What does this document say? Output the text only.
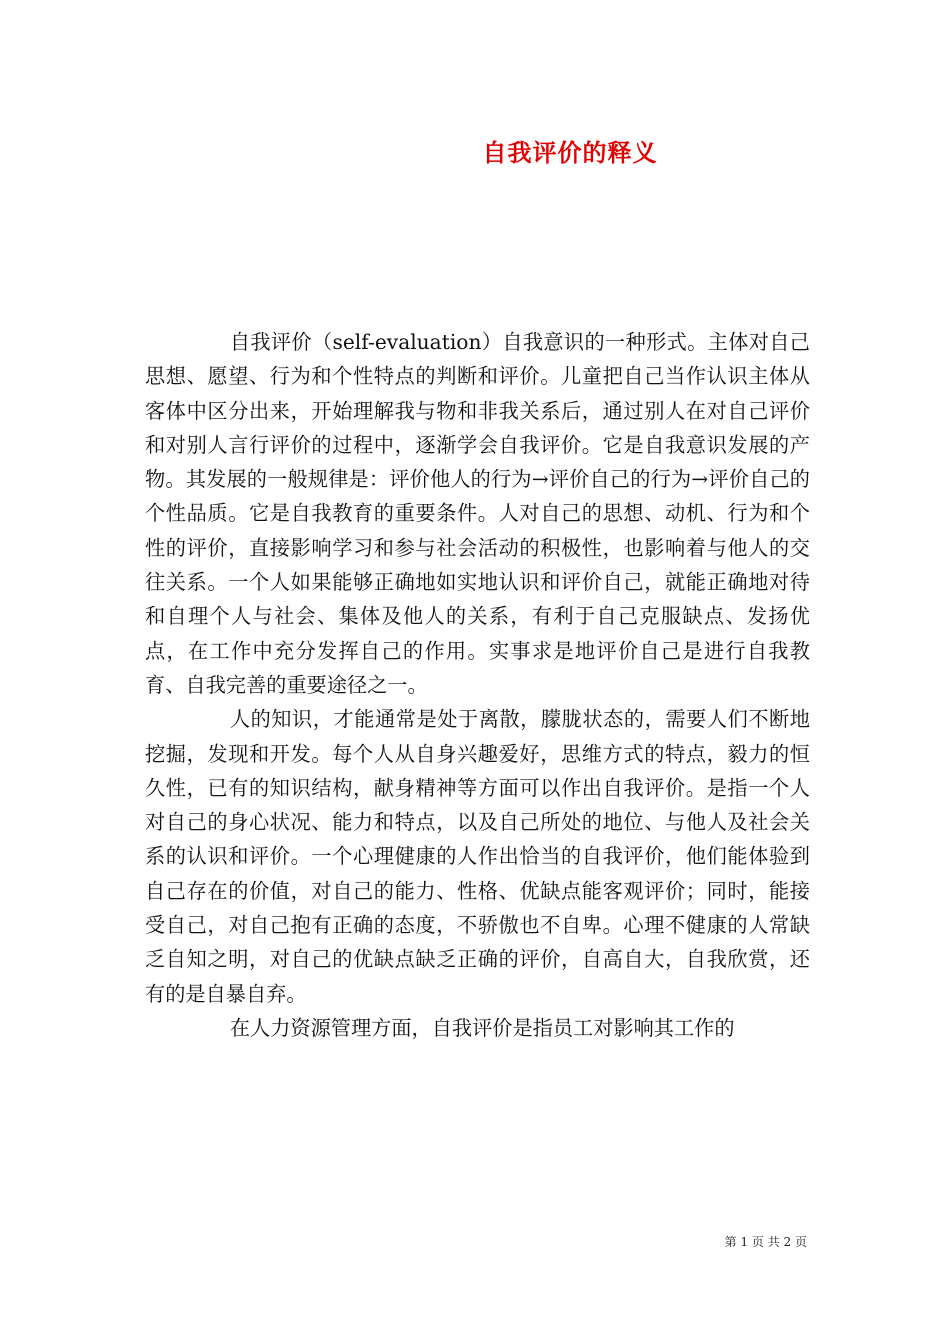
自我评价的释义

自我评价（self-evaluation）自我意识的一种形式。主体对自己思想、愿望、行为和个性特点的判断和评价。儿童把自己当作认识主体从客体中区分出来，开始理解我与物和非我关系后，通过别人在对自己评价和对别人言行评价的过程中，逐渐学会自我评价。它是自我意识发展的产物。其发展的一般规律是：评价他人的行为→评价自己的行为→评价自己的个性品质。它是自我教育的重要条件。人对自己的思想、动机、行为和个性的评价，直接影响学习和参与社会活动的积极性，也影响着与他人的交往关系。一个人如果能够正确地如实地认识和评价自己，就能正确地对待和自理个人与社会、集体及他人的关系，有利于自己克服缺点、发扬优点，在工作中充分发挥自己的作用。实事求是地评价自己是进行自我教育、自我完善的重要途径之一。

人的知识，才能通常是处于离散，朦胧状态的，需要人们不断地挖掘，发现和开发。每个人从自身兴趣爱好，思维方式的特点，毅力的恒久性，已有的知识结构，献身精神等方面可以作出自我评价。是指一个人对自己的身心状况、能力和特点，以及自己所处的地位、与他人及社会关系的认识和评价。一个心理健康的人作出恰当的自我评价，他们能体验到自己存在的价值，对自己的能力、性格、优缺点能客观评价；同时，能接受自己，对自己抱有正确的态度，不骄傲也不自卑。心理不健康的人常缺乏自知之明，对自己的优缺点缺乏正确的评价，自高自大，自我欣赏，还有的是自暴自弃。

在人力资源管理方面，自我评价是指员工对影响其工作的

第 1 页 共 2 页
